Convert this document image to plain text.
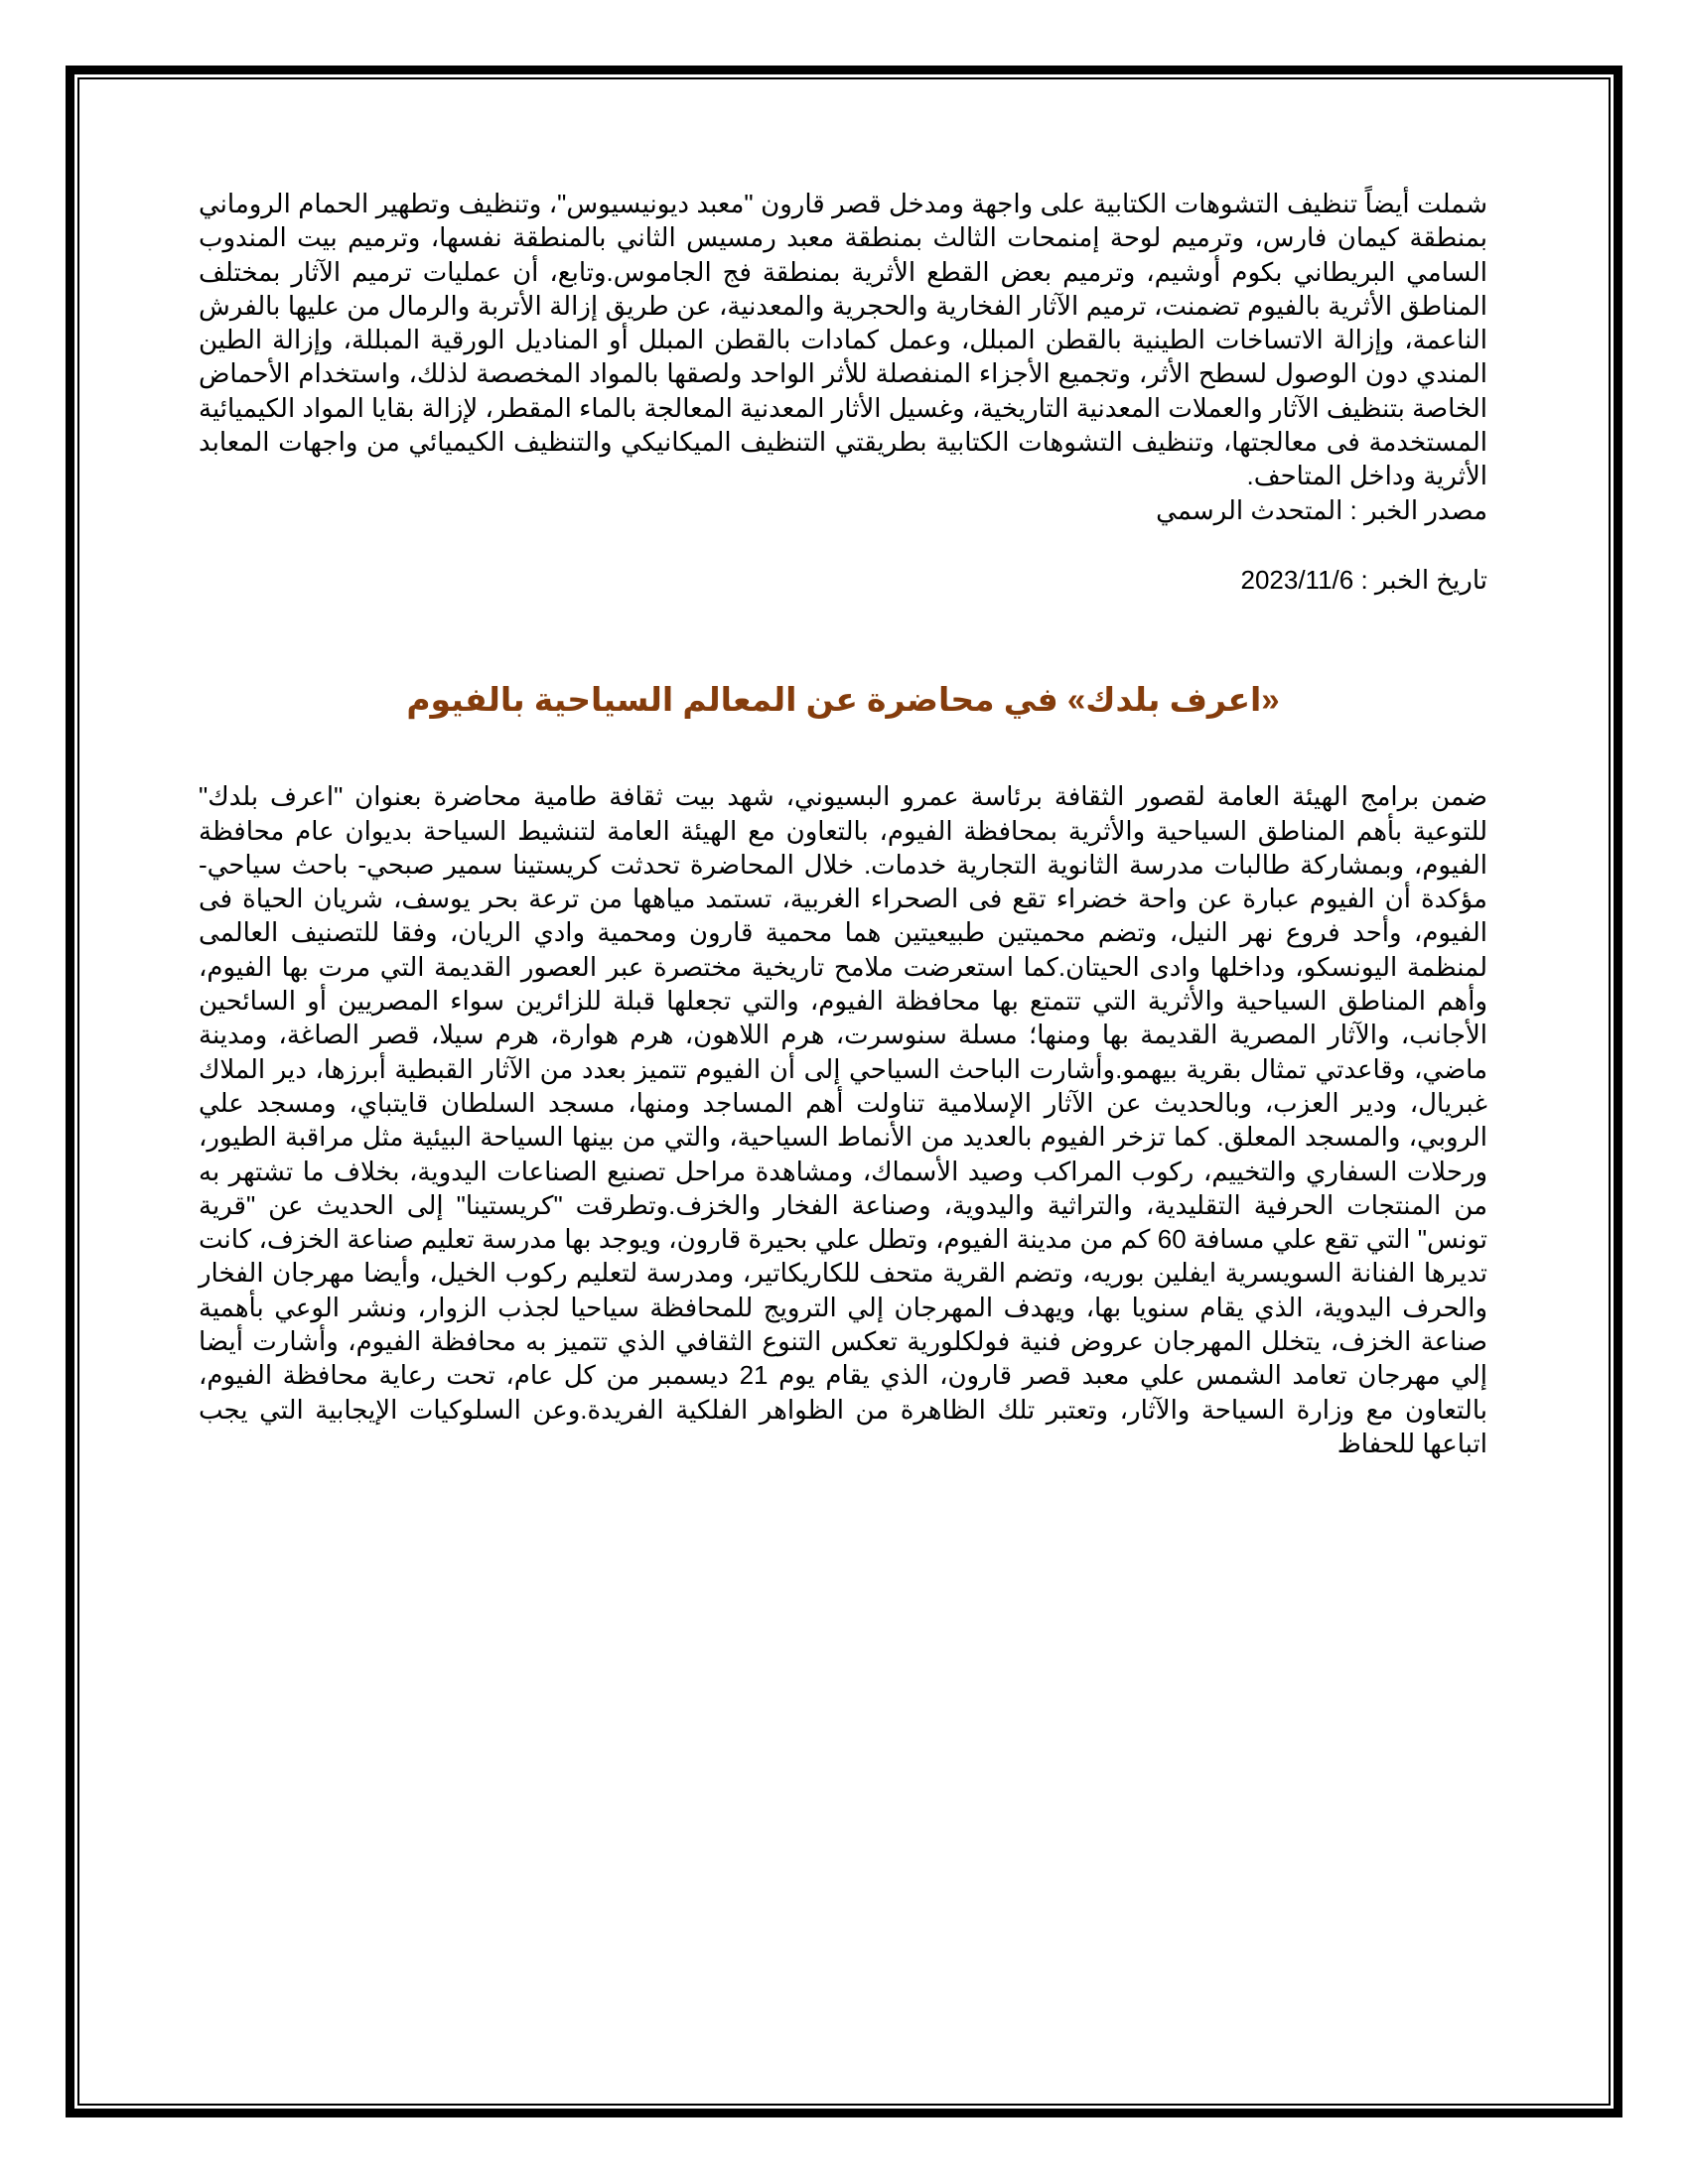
شملت أيضاً تنظيف التشوهات الكتابية على واجهة ومدخل قصر قارون "معبد ديونيسيوس"، وتنظيف وتطهير الحمام الروماني بمنطقة كيمان فارس، وترميم لوحة إمنمحات الثالث بمنطقة معبد رمسيس الثاني بالمنطقة نفسها، وترميم بيت المندوب السامي البريطاني بكوم أوشيم، وترميم بعض القطع الأثرية بمنطقة فج الجاموس.وتابع، أن عمليات ترميم الآثار بمختلف المناطق الأثرية بالفيوم تضمنت، ترميم الآثار الفخارية والحجرية والمعدنية، عن طريق إزالة الأتربة والرمال من عليها بالفرش الناعمة، وإزالة الاتساخات الطينية بالقطن المبلل، وعمل كمادات بالقطن المبلل أو المناديل الورقية المبللة، وإزالة الطين المندي دون الوصول لسطح الأثر، وتجميع الأجزاء المنفصلة للأثر الواحد ولصقها بالمواد المخصصة لذلك، واستخدام الأحماض الخاصة بتنظيف الآثار والعملات المعدنية التاريخية، وغسيل الأثار المعدنية المعالجة بالماء المقطر، لإزالة بقايا المواد الكيميائية المستخدمة فى معالجتها، وتنظيف التشوهات الكتابية بطريقتي التنظيف الميكانيكي والتنظيف الكيميائي من واجهات المعابد الأثرية وداخل المتاحف.

مصدر الخبر : المتحدث الرسمي

تاريخ الخبر : 2023/11/6

«اعرف بلدك» في محاضرة عن المعالم السياحية بالفيوم

ضمن برامج الهيئة العامة لقصور الثقافة برئاسة عمرو البسيوني، شهد بيت ثقافة طامية محاضرة بعنوان "اعرف بلدك" للتوعية بأهم المناطق السياحية والأثرية بمحافظة الفيوم، بالتعاون مع الهيئة العامة لتنشيط السياحة بديوان عام محافظة الفيوم، وبمشاركة طالبات مدرسة الثانوية التجارية خدمات. خلال المحاضرة تحدثت كريستينا سمير صبحي- باحث سياحي- مؤكدة أن الفيوم عبارة عن واحة خضراء تقع فى الصحراء الغربية، تستمد مياهها من ترعة بحر يوسف، شريان الحياة فى الفيوم، وأحد فروع نهر النيل، وتضم محميتين طبيعيتين هما محمية قارون ومحمية وادي الريان، وفقا للتصنيف العالمى لمنظمة اليونسكو، وداخلها وادى الحيتان.كما استعرضت ملامح تاريخية مختصرة عبر العصور القديمة التي مرت بها الفيوم، وأهم المناطق السياحية والأثرية التي تتمتع بها محافظة الفيوم، والتي تجعلها قبلة للزائرين سواء المصريين أو السائحين الأجانب، والآثار المصرية القديمة بها ومنها؛ مسلة سنوسرت، هرم اللاهون، هرم هوارة، هرم سيلا، قصر الصاغة، ومدينة ماضي، وقاعدتي تمثال بقرية بيهمو.وأشارت الباحث السياحي إلى أن الفيوم تتميز بعدد من الآثار القبطية أبرزها، دير الملاك غبريال، ودير العزب، وبالحديث عن الآثار الإسلامية تناولت أهم المساجد ومنها، مسجد السلطان قايتباي، ومسجد علي الروبي، والمسجد المعلق. كما تزخر الفيوم بالعديد من الأنماط السياحية، والتي من بينها السياحة البيئية مثل مراقبة الطيور، ورحلات السفاري والتخييم، ركوب المراكب وصيد الأسماك، ومشاهدة مراحل تصنيع الصناعات اليدوية، بخلاف ما تشتهر به من المنتجات الحرفية التقليدية، والتراثية واليدوية، وصناعة الفخار والخزف.وتطرقت "كريستينا" إلى الحديث عن "قرية تونس" التي تقع علي مسافة 60 كم من مدينة الفيوم، وتطل علي بحيرة قارون، ويوجد بها مدرسة تعليم صناعة الخزف، كانت تديرها الفنانة السويسرية ايفلين بوريه، وتضم القرية متحف للكاريكاتير، ومدرسة لتعليم ركوب الخيل، وأيضا مهرجان الفخار والحرف اليدوية، الذي يقام سنويا بها، ويهدف المهرجان إلي الترويج للمحافظة سياحيا لجذب الزوار، ونشر الوعي بأهمية صناعة الخزف، يتخلل المهرجان عروض فنية فولكلورية تعكس التنوع الثقافي الذي تتميز به محافظة الفيوم، وأشارت أيضا إلي مهرجان تعامد الشمس علي معبد قصر قارون، الذي يقام يوم 21 ديسمبر من كل عام، تحت رعاية محافظة الفيوم، بالتعاون مع وزارة السياحة والآثار، وتعتبر تلك الظاهرة من الظواهر الفلكية الفريدة.وعن السلوكيات الإيجابية التي يجب اتباعها للحفاظ
